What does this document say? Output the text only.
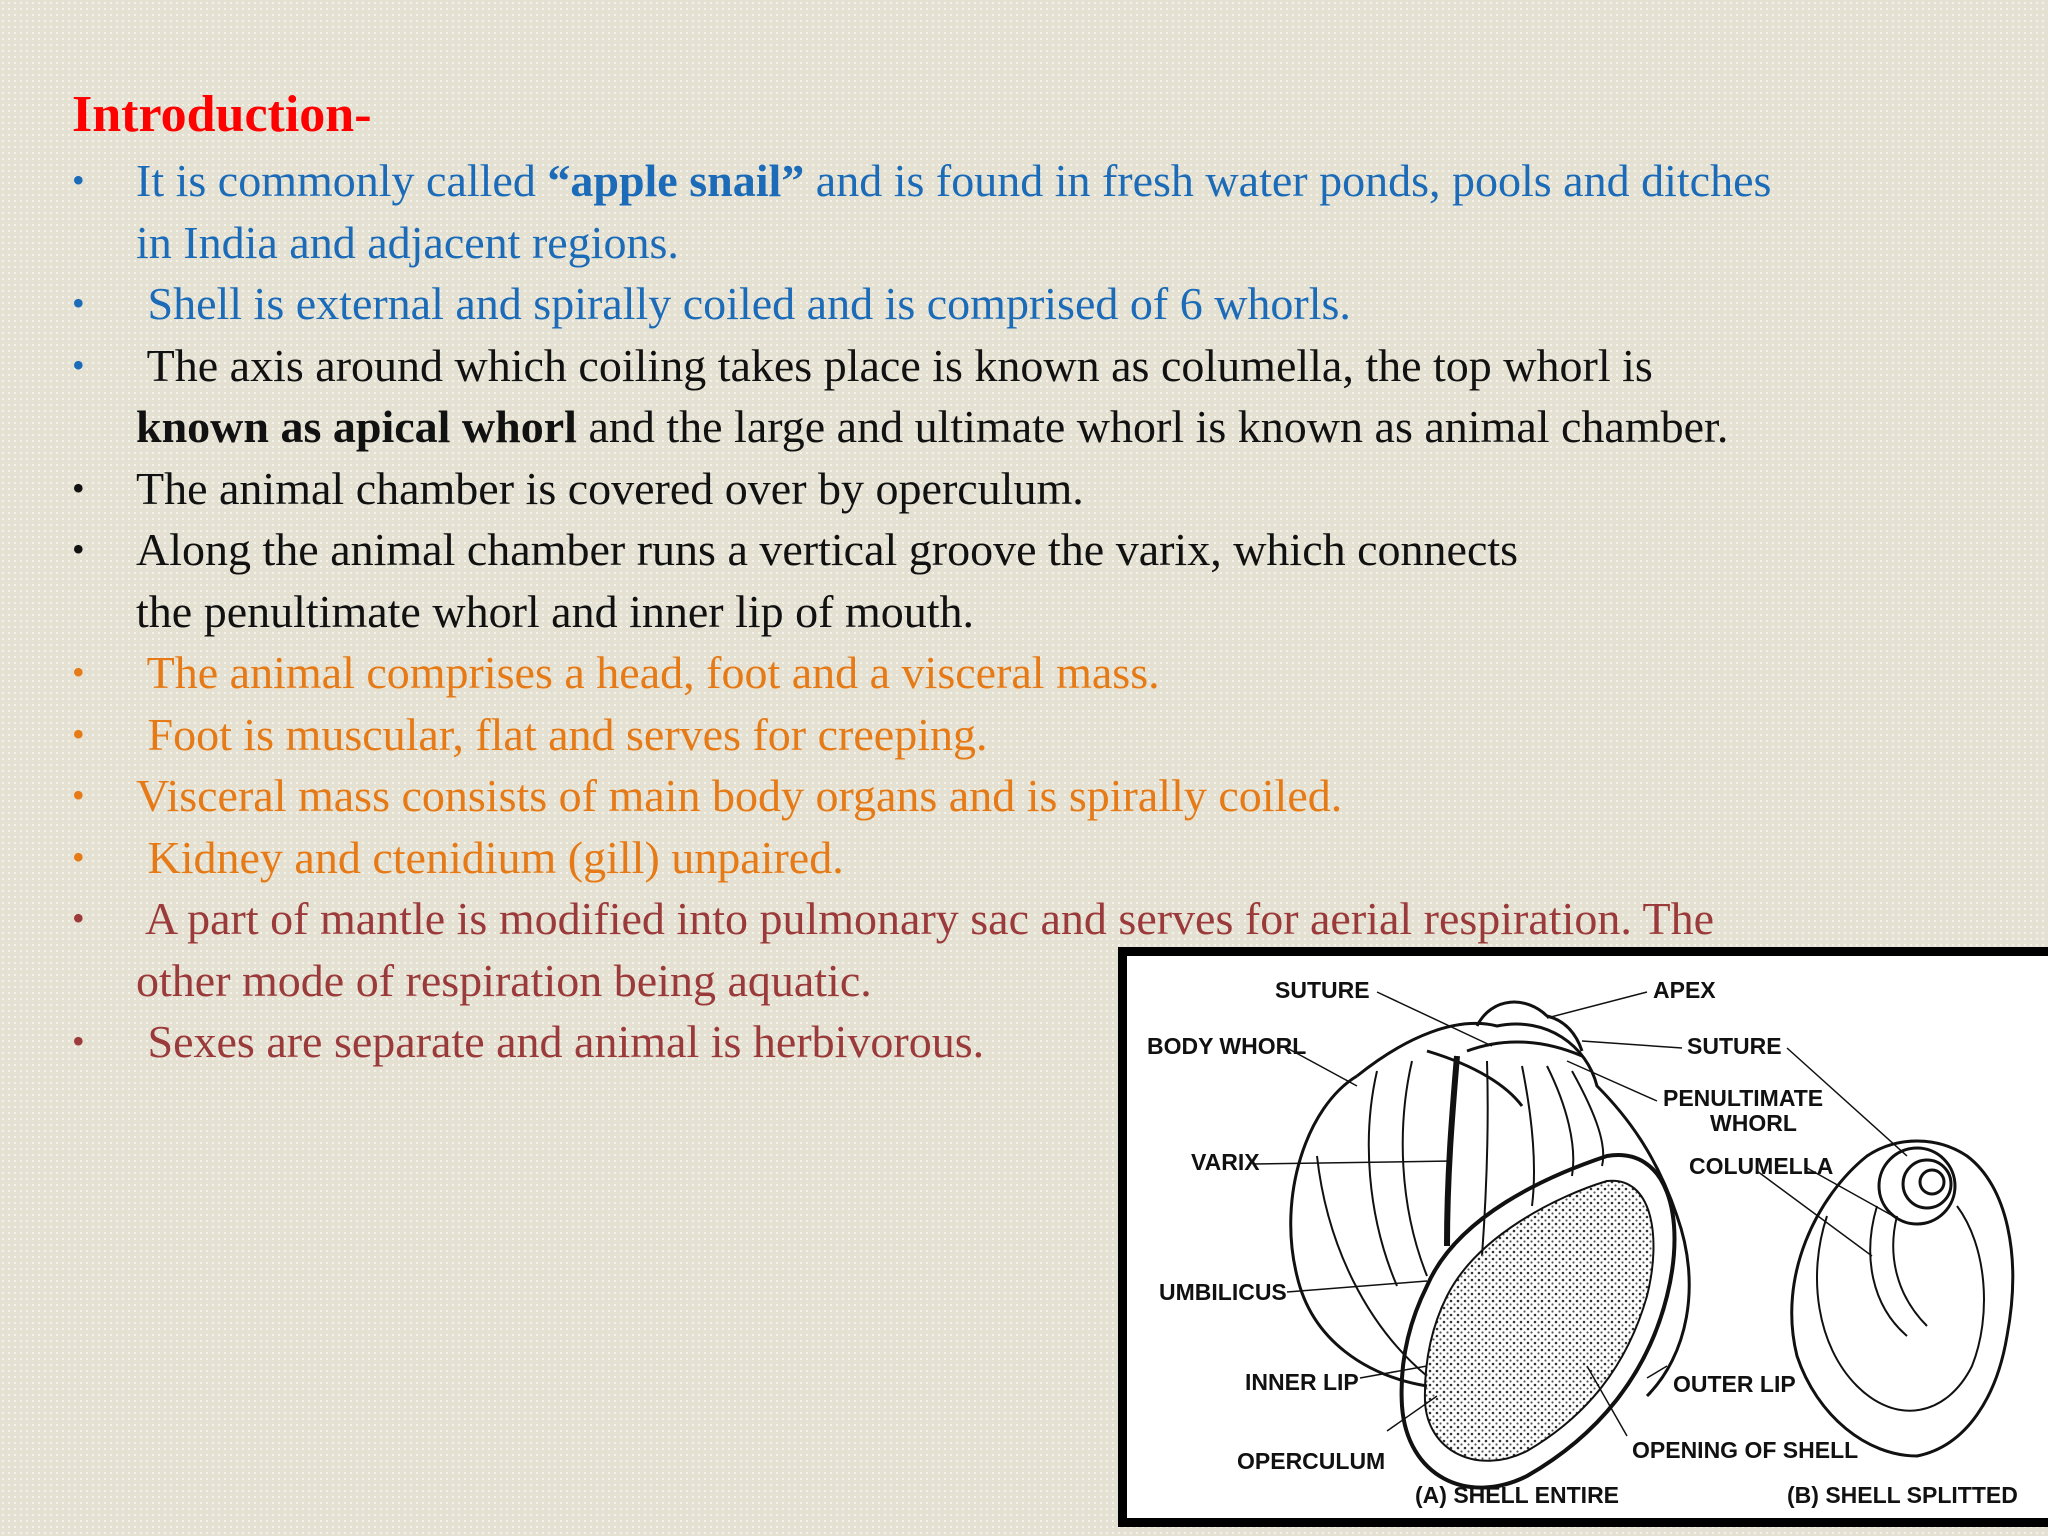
Introduction-
• It is commonly called “apple snail” and is found in fresh water ponds, pools and ditches
in India and adjacent regions.
• Shell is external and spirally coiled and is comprised of 6 whorls.
• The axis around which coiling takes place is known as columella, the top whorl is
known as apical whorl and the large and ultimate whorl is known as animal chamber.
• The animal chamber is covered over by operculum.
• Along the animal chamber runs a vertical groove the varix, which connects
the penultimate whorl and inner lip of mouth.
• The animal comprises a head, foot and a visceral mass.
• Foot is muscular, flat and serves for creeping.
• Visceral mass consists of main body organs and is spirally coiled.
• Kidney and ctenidium (gill) unpaired.
• A part of mantle is modified into pulmonary sac and serves for aerial respiration. The
other mode of respiration being aquatic.
• Sexes are separate and animal is herbivorous.
SUTURE	APEX
SUTURE
BODY WHORL
PENULTIMATE
WHORL
VARIX	COLUMELLA
UMBILICUS
INNER LIP	OUTER LIP
OPERCULUM	OPENING OF SHELL
(A) SHELL ENTIRE	(B) SHELL SPLITTED
